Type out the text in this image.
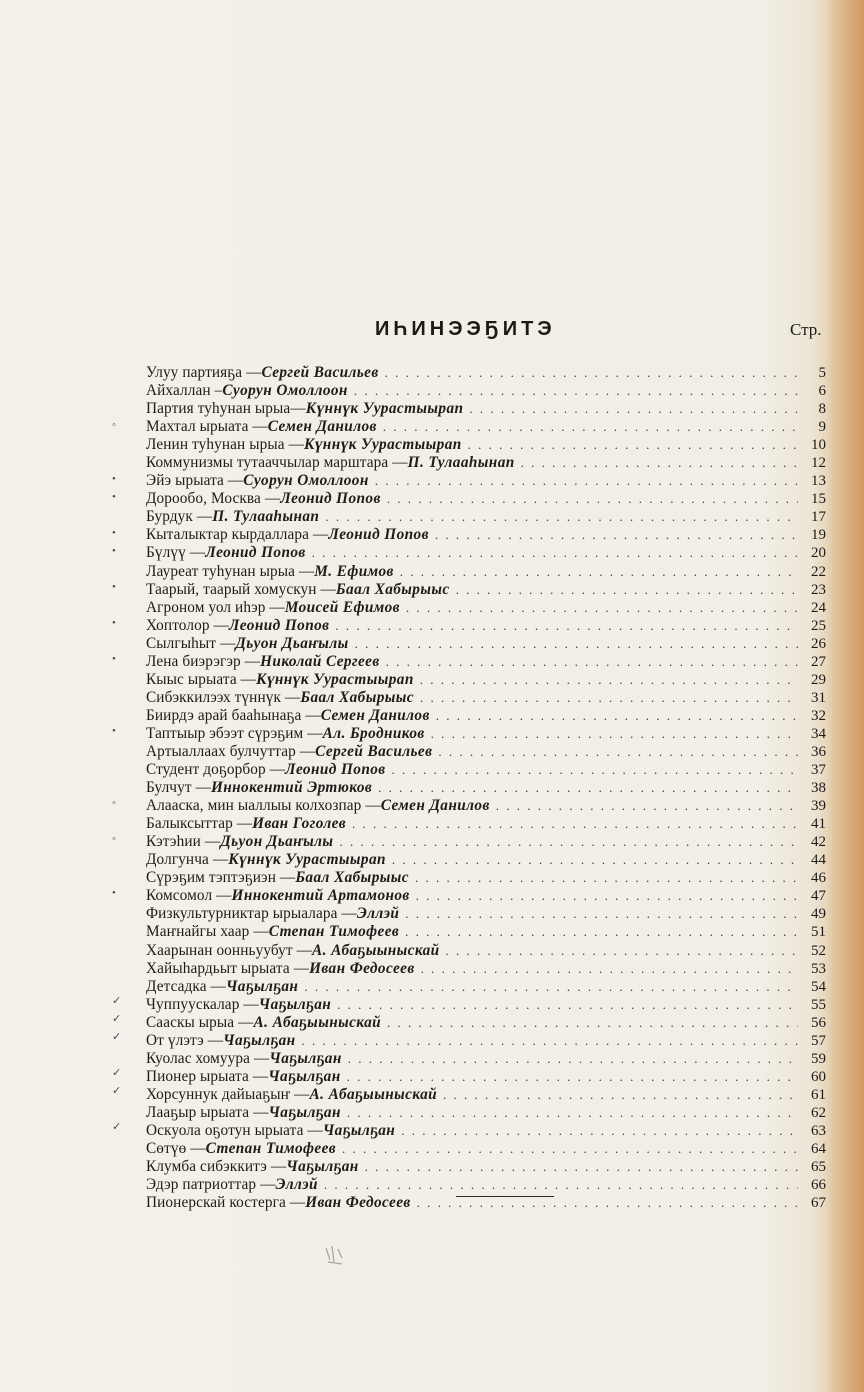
ИҺИНЭЭҔИТЭ	Стр.
◦
•
•
•
•
•
•
•
•
◦
◦
•
✓
✓
✓
✓
✓
✓
Улуу партияҕа — Сергей Васильев . . .	5
Айхаллан – Суорун Омоллоон . . .	6
Партия туһунан ырыа— Күннүк Уурастыырап . . .	8
Махтал ырыата — Семен Данилов . . .	9
Ленин туһунан ырыа — Күннүк Уурастыырап . . .	10
Коммунизмы тутааччылар марштара — П. Тулааһынап . . .	12
Эйэ ырыата — Суорун Омоллоон . . .	13
Дорообо, Москва — Леонид Попов . . .	15
Бурдук — П. Тулааһынап . . .	17
Кыталыктар кырдаллара — Леонид Попов . . .	19
Бүлүү — Леонид Попов . . .	20
Лауреат туһунан ырыа — М. Ефимов . . .	22
Таарый, таарый хомускун — Баал Хабырыыс . . .	23
Агроном уол иһэр — Моисей Ефимов . . .	24
Хоптолор — Леонид Попов . . .	25
Сылгыһыт — Дьуон Дьаҥылы . . .	26
Лена биэрэгэр — Николай Сергеев . . .	27
Кыыс ырыата — Күннүк Уурастыырап . . .	29
Сибэккилээх түннүк — Баал Хабырыыс . . .	31
Биирдэ арай бааһынаҕа — Семен Данилов . . .	32
Таптыыр эбээт сүрэҕим — Ал. Бродников . . .	34
Артыаллаах булчуттар — Сергей Васильев . . .	36
Студент доҕорбор — Леонид Попов . . .	37
Булчут — Иннокентий Эртюков . . .	38
Алааска, мин ыаллыы колхозпар — Семен Данилов . . .	39
Балыксыттар — Иван Гоголев . . .	41
Кэтэһии — Дьуон Дьаҥылы . . .	42
Долгунча — Күннүк Уурастыырап . . .	44
Сүрэҕим тэптэҕиэн — Баал Хабырыыс . . .	46
Комсомол — Иннокентий Артамонов . . .	47
Физкультурниктар ырыалара — Эллэй . . .	49
Маҥнайгы хаар — Степан Тимофеев . . .	51
Хаарынан оонньуубут — А. Абаҕыыныскай . . .	52
Хайыһардьыт ырыата — Иван Федосеев . . .	53
Детсадка — Чаҕылҕан . . .	54
Чуппуускалар — Чаҕылҕан . . .	55
Сааскы ырыа — А. Абаҕыыныскай . . .	56
От үлэтэ — Чаҕылҕан . . .	57
Куолас хомуура — Чаҕылҕан . . .	59
Пионер ырыата — Чаҕылҕан . . .	60
Хорсуннук дайыаҕыҥ — А. Абаҕыыныскай . . .	61
Лааҕыр ырыата — Чаҕылҕан . . .	62
Оскуола оҕотун ырыата — Чаҕылҕан . . .	63
Сөтүө — Степан Тимофеев . . .	64
Клумба сибэккитэ — Чаҕылҕан . . .	65
Эдэр патриоттар — Эллэй . . .	66
Пионерскай костерга — Иван Федосеев . . .	67
